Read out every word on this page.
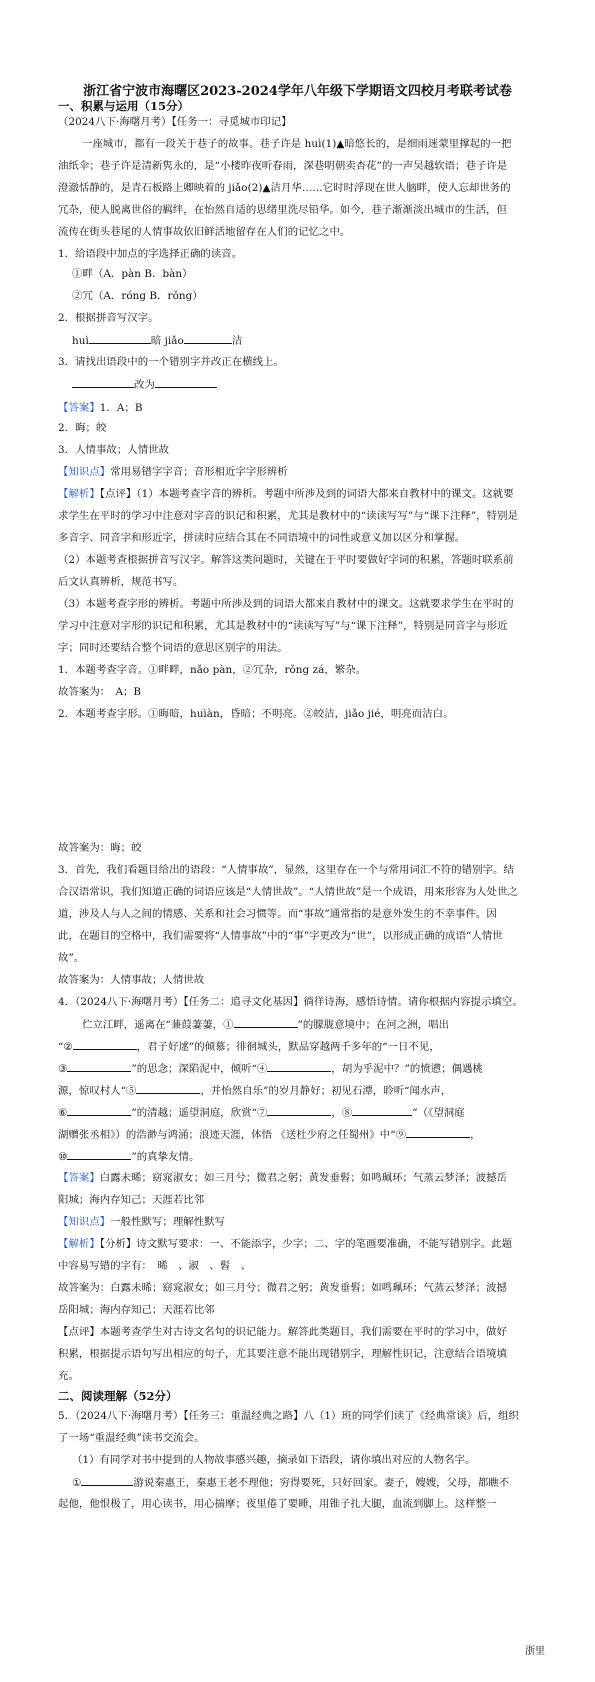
浙江省宁波市海曙区2023-2024学年八年级下学期语文四校月考联考试卷
一、积累与运用（15分）
（2024八下·海曙月考）【任务一：寻觅城市印记】
一座城市，都有一段关于巷子的故事。巷子许是 huì(1)▲暗悠长的，是细雨迷蒙里撑起的一把
油纸伞；巷子许是清新隽永的，是“小楼昨夜听春雨，深巷明朝卖杏花”的一声吴越软语；巷子许是
澄澈恬静的，是青石板路上卿映着的 jiǎo(2)▲洁月华……它时时浮现在世人脑畔，使人忘却世务的
冗杂，使人脱离世俗的羁绊，在怡然自适的思绪里洗尽铅华。如今，巷子渐渐淡出城市的生活，但
流传在街头巷尾的人情事故依旧鲜活地留存在人们的记忆之中。
1．给语段中加点的字选择正确的读音。
①畔（A．pàn B．bàn）
②冗（A．róng B．rǒng）
2．根据拼音写汉字。
huì	暗 jiǎo	洁
3．请找出语段中的一个错别字并改正在横线上。
改为
【答案】1．A；B
2．晦；皎
3．人情事故；人情世故
【知识点】常用易错字字音；音形相近字字形辨析
【解析】【点评】（1）本题考查字音的辨析。考题中所涉及到的词语大都来自教材中的课文。这就要
求学生在平时的学习中注意对字音的识记和积累，尤其是教材中的“读读写写”与“课下注释”，特别是
多音字、同音字和形近字，拼读时应结合其在不同语境中的词性或意义加以区分和掌握。
（2）本题考查根据拼音写汉字。解答这类问题时，关键在于平时要做好字词的积累，答题时联系前
后文认真辨析，规范书写。
（3）本题考查字形的辨析。考题中所涉及到的词语大都来自教材中的课文。这就要求学生在平时的
学习中注意对字形的识记和积累，尤其是教材中的“读读写写”与“课下注释”，特别是同音字与形近
字；同时还要结合整个词语的意思区别字的用法。
1．本题考查字音。①畔畔，nǎo pàn，②冗杂，rǒng zá，繁杂。
故答案为：　A；B
2．本题考查字形。①晦暗，huìàn，昏暗；不明亮。②皎洁，jiǎo jié，明亮而洁白。
故答案为：晦；皎
3．首先，我们看题目给出的语段：“人情事故”，显然，这里存在一个与常用词汇不符的错别字。结
合汉语常识，我们知道正确的词语应该是“人情世故”。“人情世故”是一个成语，用来形容为人处世之
道，涉及人与人之间的情感、关系和社会习惯等。而“事故”通常指的是意外发生的不幸事件。因
此，在题目的空格中，我们需要将“人情事故”中的“事”字更改为“世”，以形成正确的成语“人情世
故”。
故答案为：人情事故；人情世故
4．（2024八下·海曙月考）【任务二：追寻文化基因】徜徉诗海，感悟诗情。请你根据内容提示填空。
伫立江畔，遥离在“蒹葭萋萋，①	”的朦胧意境中；在河之洲，唱出
“②	，君子好逑”的倾慕；徘徊城头，默品穿越两千多年的“一日不见，
③	”的思念；深陷泥中，倾听“④	，胡为乎泥中？”的愤懑；偶遇桃
源，惊叹村人“⑤	，并怡然自乐”的岁月静好；初见石潭，聆听“闻水声，
⑥	”的清越；遥望洞庭，欣赏“⑦	，⑧	”（《望洞庭
湖赠张丞相》）的浩渺与鸿涌；浪迹天涯，体悟 《送杜少府之任蜀州》中“⑨	，
⑩	”的真挚友情。
【答案】白露未晞；窈窕淑女；如三月兮；微君之躬；黄发垂髫；如鸣珮环；气蒸云梦泽；波撼岳
阳城；海内存知己；天涯若比邻
【知识点】一般性默写；理解性默写
【解析】【分析】诗文默写要求：一、不能添字，少字；二、字的笔画要准确，不能写错别字。此题
中容易写错的字有：　晞　、淑　、髫　、
故答案为：白露未晞；窈窕淑女；如三月兮；微君之躬；黄发垂髫；如鸣珮环；气蒸云梦泽；波撼
岳阳城；海内存知己；天涯若比邻
【点评】本题考查学生对古诗文名句的识记能力。解答此类题目，我们需要在平时的学习中，做好
积累，根据提示语句写出相应的句子，尤其要注意不能出现错别字，理解性识记，注意结合语境填
充。
二、阅读理解（52分）
5．（2024八下·海曙月考）【任务三：重温经典之路】八（1）班的同学们读了《经典常谈》后，组织
了一场“重温经典”读书交流会。
（1）有同学对书中提到的人物故事感兴趣，摘录如下语段，请你填出对应的人物名字。
①	游说秦惠王，秦惠王老不理他；穷得要死，只好回家。妻子，嫂嫂，父母，都瞧不
起他，他恨极了，用心读书，用心揣摩；夜里倦了要睡，用锥子扎大腿，血流到脚上。这样整一
浙里
